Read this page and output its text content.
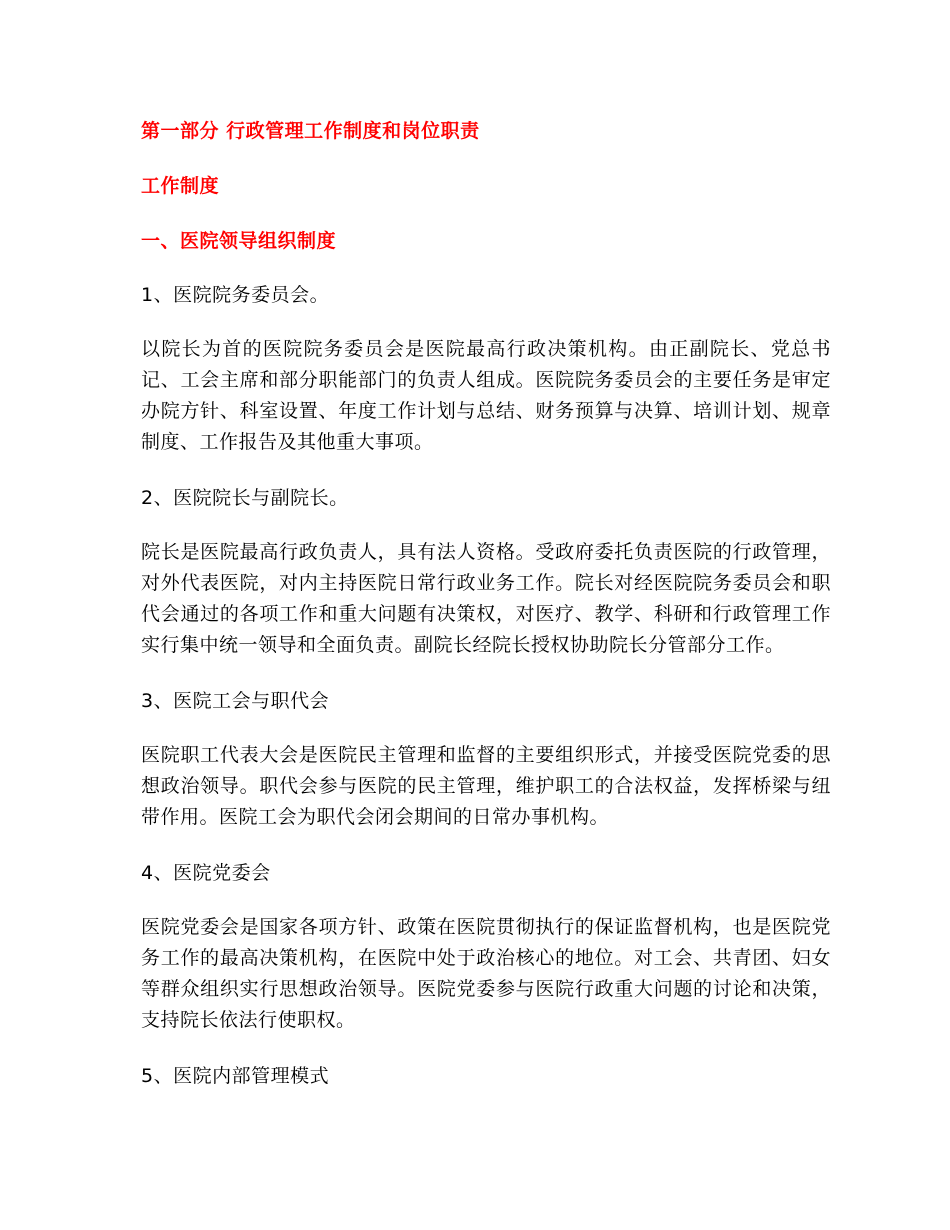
第一部分 行政管理工作制度和岗位职责
工作制度
一、医院领导组织制度

1、医院院务委员会。

以院长为首的医院院务委员会是医院最高行政决策机构。由正副院长、党总书记、工会主席和部分职能部门的负责人组成。医院院务委员会的主要任务是审定办院方针、科室设置、年度工作计划与总结、财务预算与决算、培训计划、规章制度、工作报告及其他重大事项。

2、医院院长与副院长。

院长是医院最高行政负责人，具有法人资格。受政府委托负责医院的行政管理，对外代表医院，对内主持医院日常行政业务工作。院长对经医院院务委员会和职代会通过的各项工作和重大问题有决策权，对医疗、教学、科研和行政管理工作实行集中统一领导和全面负责。副院长经院长授权协助院长分管部分工作。

3、医院工会与职代会

医院职工代表大会是医院民主管理和监督的主要组织形式，并接受医院党委的思想政治领导。职代会参与医院的民主管理，维护职工的合法权益，发挥桥梁与纽带作用。医院工会为职代会闭会期间的日常办事机构。

4、医院党委会

医院党委会是国家各项方针、政策在医院贯彻执行的保证监督机构，也是医院党务工作的最高决策机构，在医院中处于政治核心的地位。对工会、共青团、妇女等群众组织实行思想政治领导。医院党委参与医院行政重大问题的讨论和决策，支持院长依法行使职权。

5、医院内部管理模式
